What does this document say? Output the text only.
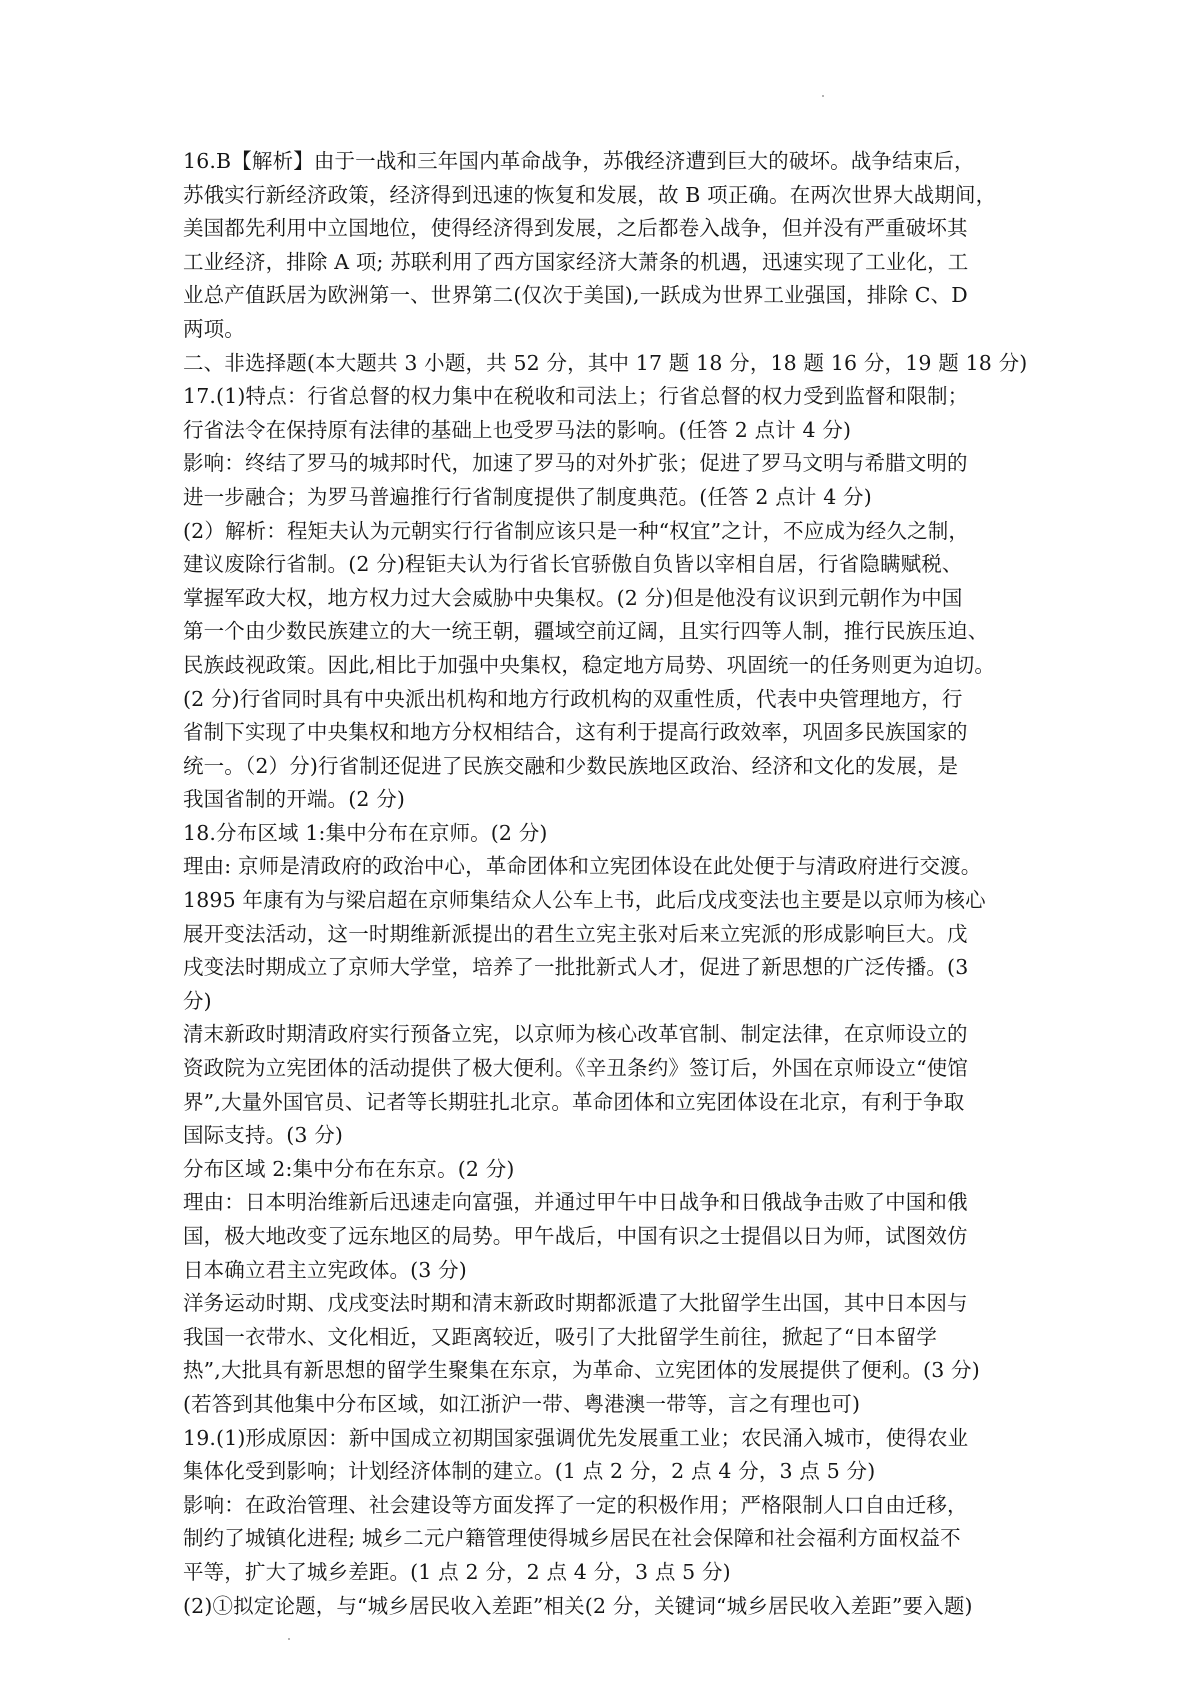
16.B【解析】由于一战和三年国内革命战争，苏俄经济遭到巨大的破坏。战争结束后，
苏俄实行新经济政策，经济得到迅速的恢复和发展，故 B 项正确。在两次世界大战期间，
美国都先利用中立国地位，使得经济得到发展，之后都卷入战争，但并没有严重破坏其
工业经济，排除 A 项; 苏联利用了西方国家经济大萧条的机遇，迅速实现了工业化，工
业总产值跃居为欧洲第一、世界第二(仅次于美国),一跃成为世界工业强国，排除 C、D
两项。
二、非选择题(本大题共 3 小题，共 52 分，其中 17 题 18 分，18 题 16 分，19 题 18 分)
17.(1)特点：行省总督的权力集中在税收和司法上；行省总督的权力受到监督和限制；
行省法令在保持原有法律的基础上也受罗马法的影响。(任答 2 点计 4 分)
影响：终结了罗马的城邦时代，加速了罗马的对外扩张；促进了罗马文明与希腊文明的
进一步融合；为罗马普遍推行行省制度提供了制度典范。(任答 2 点计 4 分)
(2）解析：程矩夫认为元朝实行行省制应该只是一种“权宜”之计，不应成为经久之制，
建议废除行省制。(2 分)程钜夫认为行省长官骄傲自负皆以宰相自居，行省隐瞒赋税、
掌握军政大权，地方权力过大会威胁中央集权。(2 分)但是他没有议识到元朝作为中国
第一个由少数民族建立的大一统王朝，疆域空前辽阔，且实行四等人制，推行民族压迫、
民族歧视政策。因此,相比于加强中央集权，稳定地方局势、巩固统一的任务则更为迫切。
(2 分)行省同时具有中央派出机构和地方行政机构的双重性质，代表中央管理地方，行
省制下实现了中央集权和地方分权相结合，这有利于提高行政效率，巩固多民族国家的
统一。（2）分)行省制还促进了民族交融和少数民族地区政治、经济和文化的发展，是
我国省制的开端。(2 分)
18.分布区域 1:集中分布在京师。(2 分)
理由: 京师是清政府的政治中心，革命团体和立宪团体设在此处便于与清政府进行交渡。
1895 年康有为与梁启超在京师集结众人公车上书，此后戊戌变法也主要是以京师为核心
展开变法活动，这一时期维新派提出的君生立宪主张对后来立宪派的形成影响巨大。戊
戌变法时期成立了京师大学堂，培养了一批批新式人才，促进了新思想的广泛传播。(3
分)
清末新政时期清政府实行预备立宪，以京师为核心改革官制、制定法律，在京师设立的
资政院为立宪团体的活动提供了极大便利。《辛丑条约》签订后，外国在京师设立“使馆
界”,大量外国官员、记者等长期驻扎北京。革命团体和立宪团体设在北京，有利于争取
国际支持。(3 分)
分布区域 2:集中分布在东京。(2 分)
理由：日本明治维新后迅速走向富强，并通过甲午中日战争和日俄战争击败了中国和俄
国，极大地改变了远东地区的局势。甲午战后，中国有识之士提倡以日为师，试图效仿
日本确立君主立宪政体。(3 分)
洋务运动时期、戊戌变法时期和清末新政时期都派遣了大批留学生出国，其中日本因与
我国一衣带水、文化相近，又距离较近，吸引了大批留学生前往，掀起了“日本留学
热”,大批具有新思想的留学生聚集在东京，为革命、立宪团体的发展提供了便利。(3 分)
(若答到其他集中分布区域，如江浙沪一带、粤港澳一带等，言之有理也可)
19.(1)形成原因：新中国成立初期国家强调优先发展重工业；农民涌入城市，使得农业
集体化受到影响；计划经济体制的建立。(1 点 2 分，2 点 4 分，3 点 5 分)
影响：在政治管理、社会建设等方面发挥了一定的积极作用；严格限制人口自由迁移，
制约了城镇化进程; 城乡二元户籍管理使得城乡居民在社会保障和社会福利方面权益不
平等，扩大了城乡差距。(1 点 2 分，2 点 4 分，3 点 5 分)
(2)①拟定论题，与“城乡居民收入差距”相关(2 分，关键词“城乡居民收入差距”要入题)
